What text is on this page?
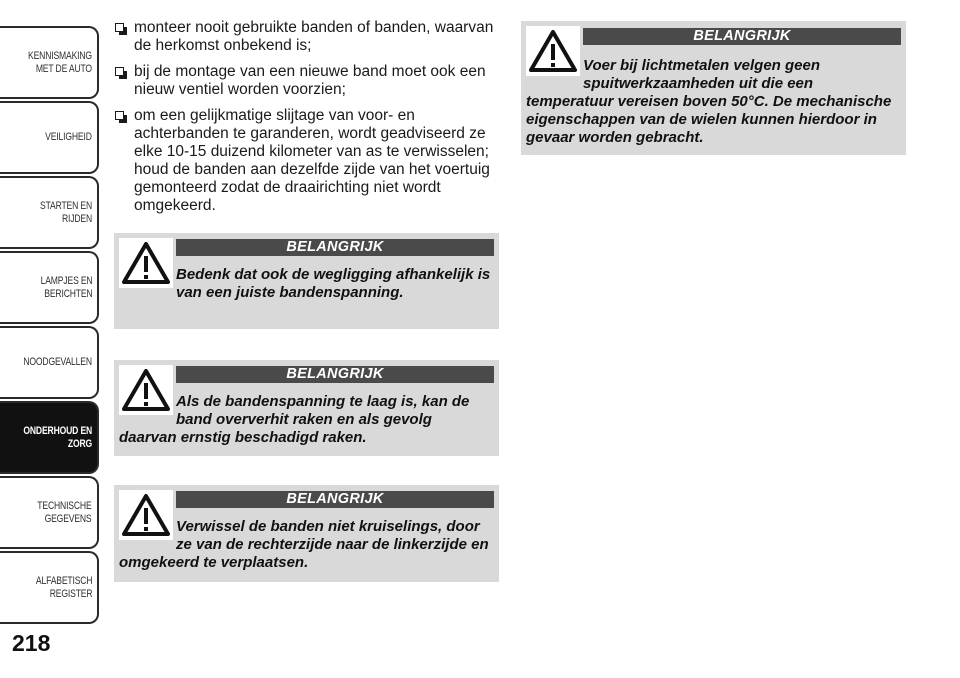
KENNISMAKING
MET DE AUTO
VEILIGHEID
STARTEN EN RIJDEN
LAMPJES EN
BERICHTEN
NOODGEVALLEN
ONDERHOUD EN
ZORG
TECHNISCHE
GEGEVENS
ALFABETISCH
REGISTER
218
monteer nooit gebruikte banden of banden, waarvan de herkomst onbekend is;
bij de montage van een nieuwe band moet ook een nieuw ventiel worden voorzien;
om een gelijkmatige slijtage van voor- en achterbanden te garanderen, wordt geadviseerd ze elke 10-15 duizend kilometer van as te verwisselen; houd de banden aan dezelfde zijde van het voertuig gemonteerd zodat de draairichting niet wordt omgekeerd.
BELANGRIJK
Bedenk dat ook de wegligging afhankelijk is van een juiste bandenspanning.
BELANGRIJK
Als de bandenspanning te laag is, kan de band oververhit raken en als gevolg daarvan ernstig beschadigd raken.
BELANGRIJK
Verwissel de banden niet kruiselings, door ze van de rechterzijde naar de linkerzijde en omgekeerd te verplaatsen.
BELANGRIJK
Voer bij lichtmetalen velgen geen spuitwerkzaamheden uit die een temperatuur vereisen boven 50°C. De mechanische eigenschappen van de wielen kunnen hierdoor in gevaar worden gebracht.
